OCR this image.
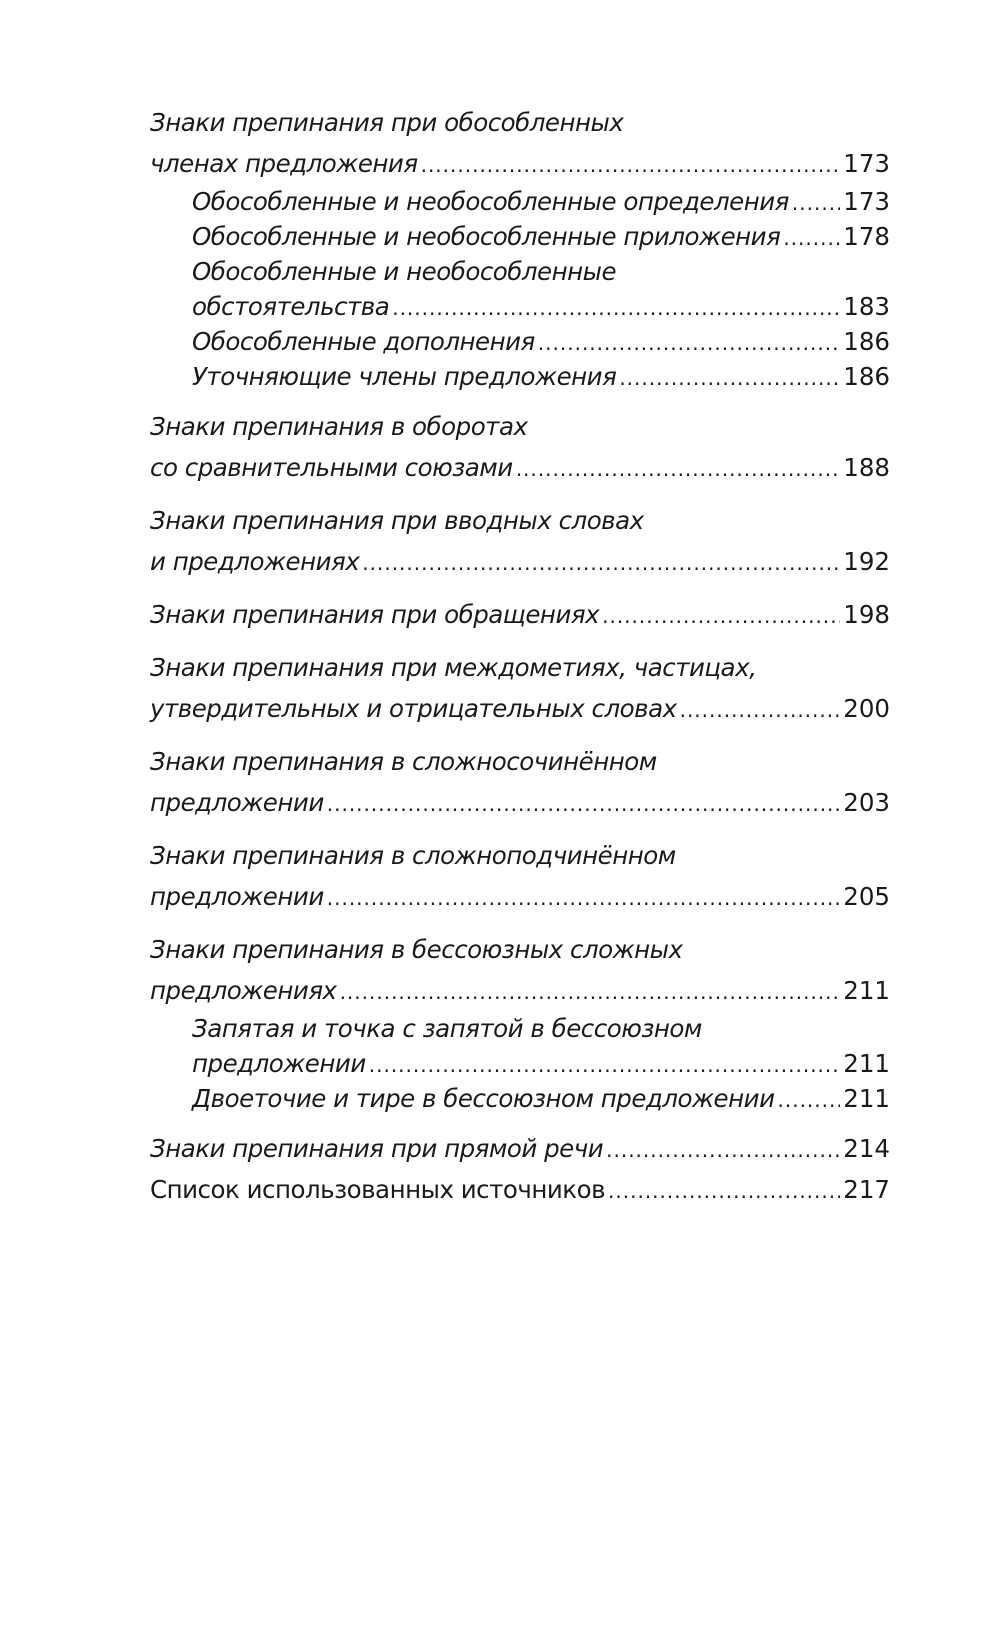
Знаки препинания при обособленных
членах предложения .....	173
Обособленные и необособленные определения ..... 173
Обособленные и необособленные приложения .....	178
Обособленные и необособленные
обстоятельства .....	183
Обособленные дополнения .....	186
Уточняющие члены предложения .....	186
Знаки препинания в оборотах
со сравнительными союзами .....	188
Знаки препинания при вводных словах
и предложениях .....	192
Знаки препинания при обращениях .....	198
Знаки препинания при междометиях, частицах,
утвердительных и отрицательных словах .....	200
Знаки препинания в сложносочинённом
предложении .....	203
Знаки препинания в сложноподчинённом
предложении .....	205
Знаки препинания в бессоюзных сложных
предложениях .....	211
Запятая и точка с запятой в бессоюзном
предложении .....	211
Двоеточие и тире в бессоюзном предложении .....	211
Знаки препинания при прямой речи .....	214
Список использованных источников .....	217
